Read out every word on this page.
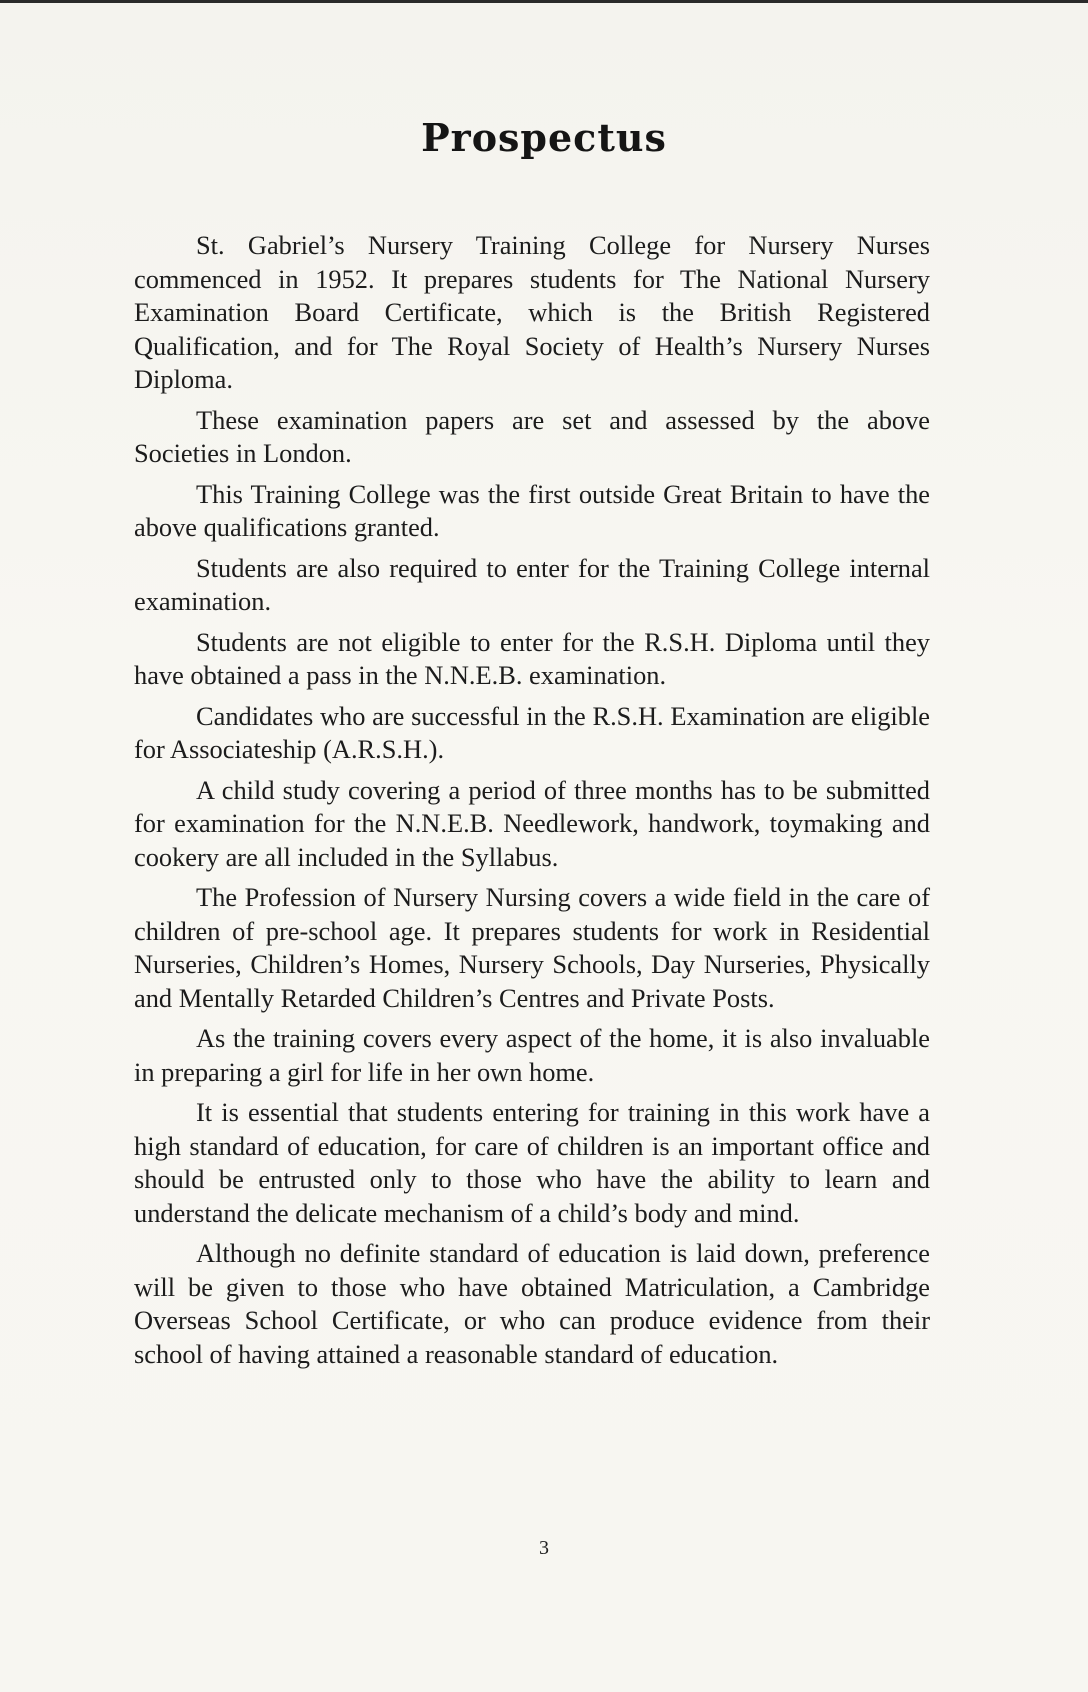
Prospectus

St. Gabriel’s Nursery Training College for Nursery Nurses commenced in 1952. It prepares students for The National Nursery Examination Board Certificate, which is the British Registered Qualification, and for The Royal Society of Health’s Nursery Nurses Diploma.

These examination papers are set and assessed by the above Societies in London.

This Training College was the first outside Great Britain to have the above qualifications granted.

Students are also required to enter for the Training College internal examination.

Students are not eligible to enter for the R.S.H. Diploma until they have obtained a pass in the N.N.E.B. examination.

Candidates who are successful in the R.S.H. Examination are eligible for Associateship (A.R.S.H.).

A child study covering a period of three months has to be submitted for examination for the N.N.E.B. Needlework, handwork, toymaking and cookery are all included in the Syllabus.

The Profession of Nursery Nursing covers a wide field in the care of children of pre-school age. It prepares students for work in Residential Nurseries, Children’s Homes, Nursery Schools, Day Nurseries, Physically and Mentally Retarded Children’s Centres and Private Posts.

As the training covers every aspect of the home, it is also invaluable in preparing a girl for life in her own home.

It is essential that students entering for training in this work have a high standard of education, for care of children is an important office and should be entrusted only to those who have the ability to learn and understand the delicate mechanism of a child’s body and mind.

Although no definite standard of education is laid down, preference will be given to those who have obtained Matriculation, a Cambridge Overseas School Certificate, or who can produce evidence from their school of having attained a reasonable standard of education.

3
